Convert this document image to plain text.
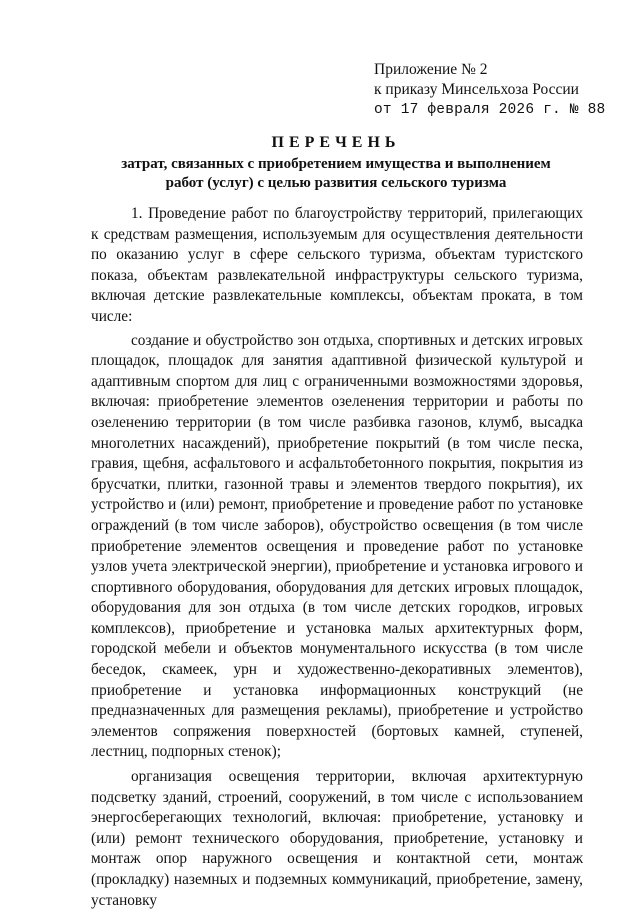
Приложение № 2
к приказу Минсельхоза России
от 17 февраля 2026 г. № 88
ПЕРЕЧЕНЬ
затрат, связанных с приобретением имущества и выполнением
работ (услуг) с целью развития сельского туризма

1. Проведение работ по благоустройству территорий, прилегающих к средствам размещения, используемым для осуществления деятельности по оказанию услуг в сфере сельского туризма, объектам туристского показа, объектам развлекательной инфраструктуры сельского туризма, включая детские развлекательные комплексы, объектам проката, в том числе:

создание и обустройство зон отдыха, спортивных и детских игровых площадок, площадок для занятия адаптивной физической культурой и адаптивным спортом для лиц с ограниченными возможностями здоровья, включая: приобретение элементов озеленения территории и работы по озеленению территории (в том числе разбивка газонов, клумб, высадка многолетних насаждений), приобретение покрытий (в том числе песка, гравия, щебня, асфальтового и асфальтобетонного покрытия, покрытия из брусчатки, плитки, газонной травы и элементов твердого покрытия), их устройство и (или) ремонт, приобретение и проведение работ по установке ограждений (в том числе заборов), обустройство освещения (в том числе приобретение элементов освещения и проведение работ по установке узлов учета электрической энергии), приобретение и установка игрового и спортивного оборудования, оборудования для детских игровых площадок, оборудования для зон отдыха (в том числе детских городков, игровых комплексов), приобретение и установка малых архитектурных форм, городской мебели и объектов монументального искусства (в том числе беседок, скамеек, урн и художественно-декоративных элементов), приобретение и установка информационных конструкций (не предназначенных для размещения рекламы), приобретение и устройство элементов сопряжения поверхностей (бортовых камней, ступеней, лестниц, подпорных стенок);

организация освещения территории, включая архитектурную подсветку зданий, строений, сооружений, в том числе с использованием энергосберегающих технологий, включая: приобретение, установку и (или) ремонт технического оборудования, приобретение, установку и монтаж опор наружного освещения и контактной сети, монтаж (прокладку) наземных и подземных коммуникаций, приобретение, замену, установку
